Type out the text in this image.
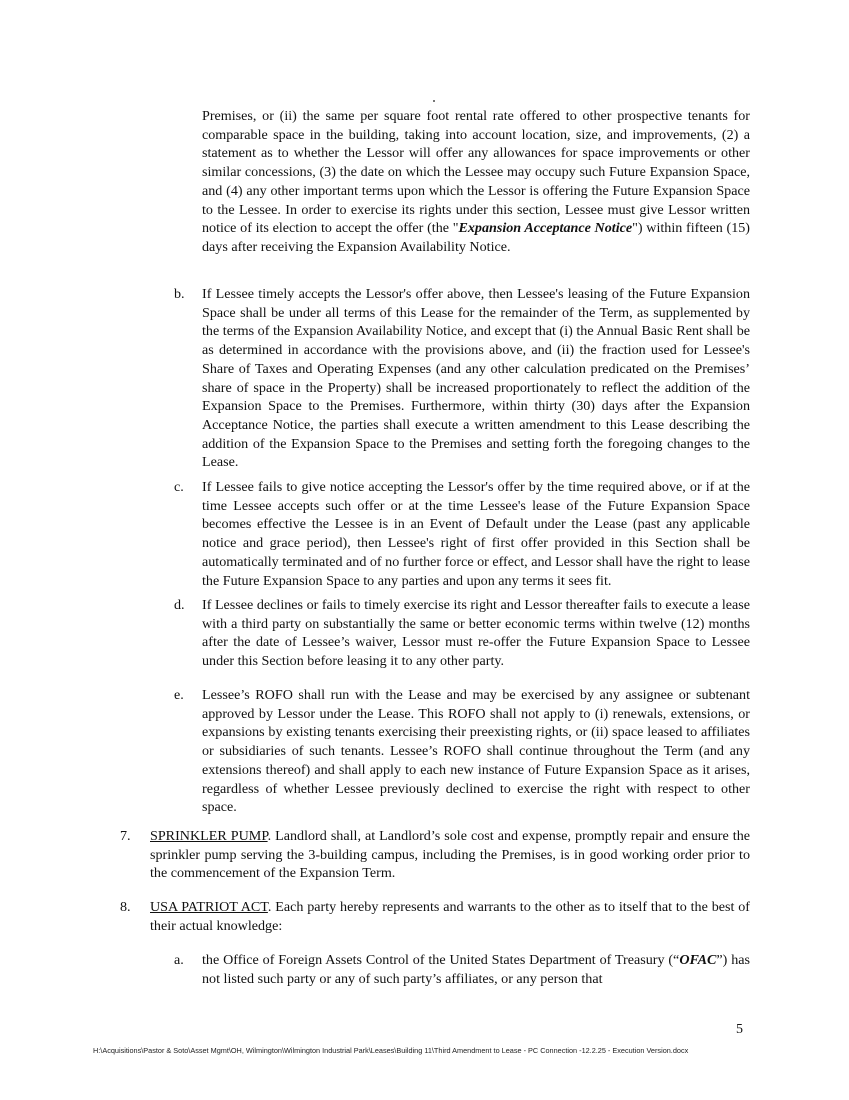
Premises, or (ii) the same per square foot rental rate offered to other prospective tenants for comparable space in the building, taking into account location, size, and improvements, (2) a statement as to whether the Lessor will offer any allowances for space improvements or other similar concessions, (3) the date on which the Lessee may occupy such Future Expansion Space, and (4) any other important terms upon which the Lessor is offering the Future Expansion Space to the Lessee. In order to exercise its rights under this section, Lessee must give Lessor written notice of its election to accept the offer (the "Expansion Acceptance Notice") within fifteen (15) days after receiving the Expansion Availability Notice.
b.	If Lessee timely accepts the Lessor's offer above, then Lessee's leasing of the Future Expansion Space shall be under all terms of this Lease for the remainder of the Term, as supplemented by the terms of the Expansion Availability Notice, and except that (i) the Annual Basic Rent shall be as determined in accordance with the provisions above, and (ii) the fraction used for Lessee's Share of Taxes and Operating Expenses (and any other calculation predicated on the Premises’ share of space in the Property) shall be increased proportionately to reflect the addition of the Expansion Space to the Premises. Furthermore, within thirty (30) days after the Expansion Acceptance Notice, the parties shall execute a written amendment to this Lease describing the addition of the Expansion Space to the Premises and setting forth the foregoing changes to the Lease.
c.	If Lessee fails to give notice accepting the Lessor's offer by the time required above, or if at the time Lessee accepts such offer or at the time Lessee's lease of the Future Expansion Space becomes effective the Lessee is in an Event of Default under the Lease (past any applicable notice and grace period), then Lessee's right of first offer provided in this Section shall be automatically terminated and of no further force or effect, and Lessor shall have the right to lease the Future Expansion Space to any parties and upon any terms it sees fit.
d.	If Lessee declines or fails to timely exercise its right and Lessor thereafter fails to execute a lease with a third party on substantially the same or better economic terms within twelve (12) months after the date of Lessee’s waiver, Lessor must re-offer the Future Expansion Space to Lessee under this Section before leasing it to any other party.
e.	Lessee’s ROFO shall run with the Lease and may be exercised by any assignee or subtenant approved by Lessor under the Lease. This ROFO shall not apply to (i) renewals, extensions, or expansions by existing tenants exercising their preexisting rights, or (ii) space leased to affiliates or subsidiaries of such tenants. Lessee’s ROFO shall continue throughout the Term (and any extensions thereof) and shall apply to each new instance of Future Expansion Space as it arises, regardless of whether Lessee previously declined to exercise the right with respect to other space.
7.	SPRINKLER PUMP. Landlord shall, at Landlord’s sole cost and expense, promptly repair and ensure the sprinkler pump serving the 3-building campus, including the Premises, is in good working order prior to the commencement of the Expansion Term.
8.	USA PATRIOT ACT. Each party hereby represents and warrants to the other as to itself that to the best of their actual knowledge:
a.	the Office of Foreign Assets Control of the United States Department of Treasury (“OFAC”) has not listed such party or any of such party’s affiliates, or any person that
5
H:\Acquisitions\Pastor & Soto\Asset Mgmt\OH, Wilmington\Wilmington Industrial Park\Leases\Building 11\Third Amendment to Lease - PC Connection -12.2.25 - Execution Version.docx
